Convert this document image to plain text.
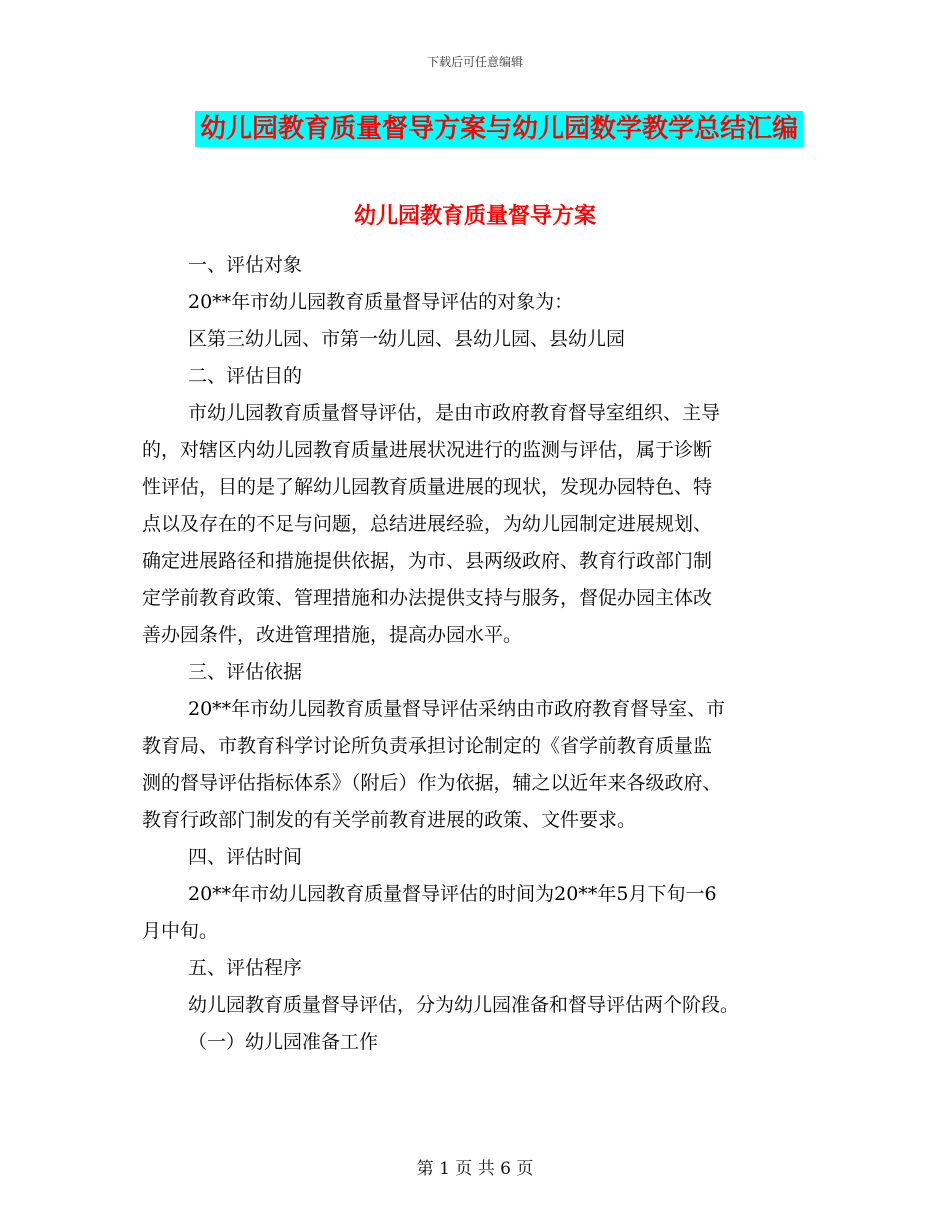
下载后可任意编辑
幼儿园教育质量督导方案与幼儿园数学教学总结汇编
幼儿园教育质量督导方案
一、评估对象
20**年市幼儿园教育质量督导评估的对象为：
区第三幼儿园、市第一幼儿园、县幼儿园、县幼儿园
二、评估目的
市幼儿园教育质量督导评估，是由市政府教育督导室组织、主导
的，对辖区内幼儿园教育质量进展状况进行的监测与评估，属于诊断
性评估，目的是了解幼儿园教育质量进展的现状，发现办园特色、特
点以及存在的不足与问题，总结进展经验，为幼儿园制定进展规划、
确定进展路径和措施提供依据，为市、县两级政府、教育行政部门制
定学前教育政策、管理措施和办法提供支持与服务，督促办园主体改
善办园条件，改进管理措施，提高办园水平。
三、评估依据
20**年市幼儿园教育质量督导评估采纳由市政府教育督导室、市
教育局、市教育科学讨论所负责承担讨论制定的《省学前教育质量监
测的督导评估指标体系》（附后）作为依据，辅之以近年来各级政府、
教育行政部门制发的有关学前教育进展的政策、文件要求。
四、评估时间
20**年市幼儿园教育质量督导评估的时间为20**年5月下旬一6
月中旬。
五、评估程序
幼儿园教育质量督导评估，分为幼儿园准备和督导评估两个阶段。
（一）幼儿园准备工作
第 1 页 共 6 页
